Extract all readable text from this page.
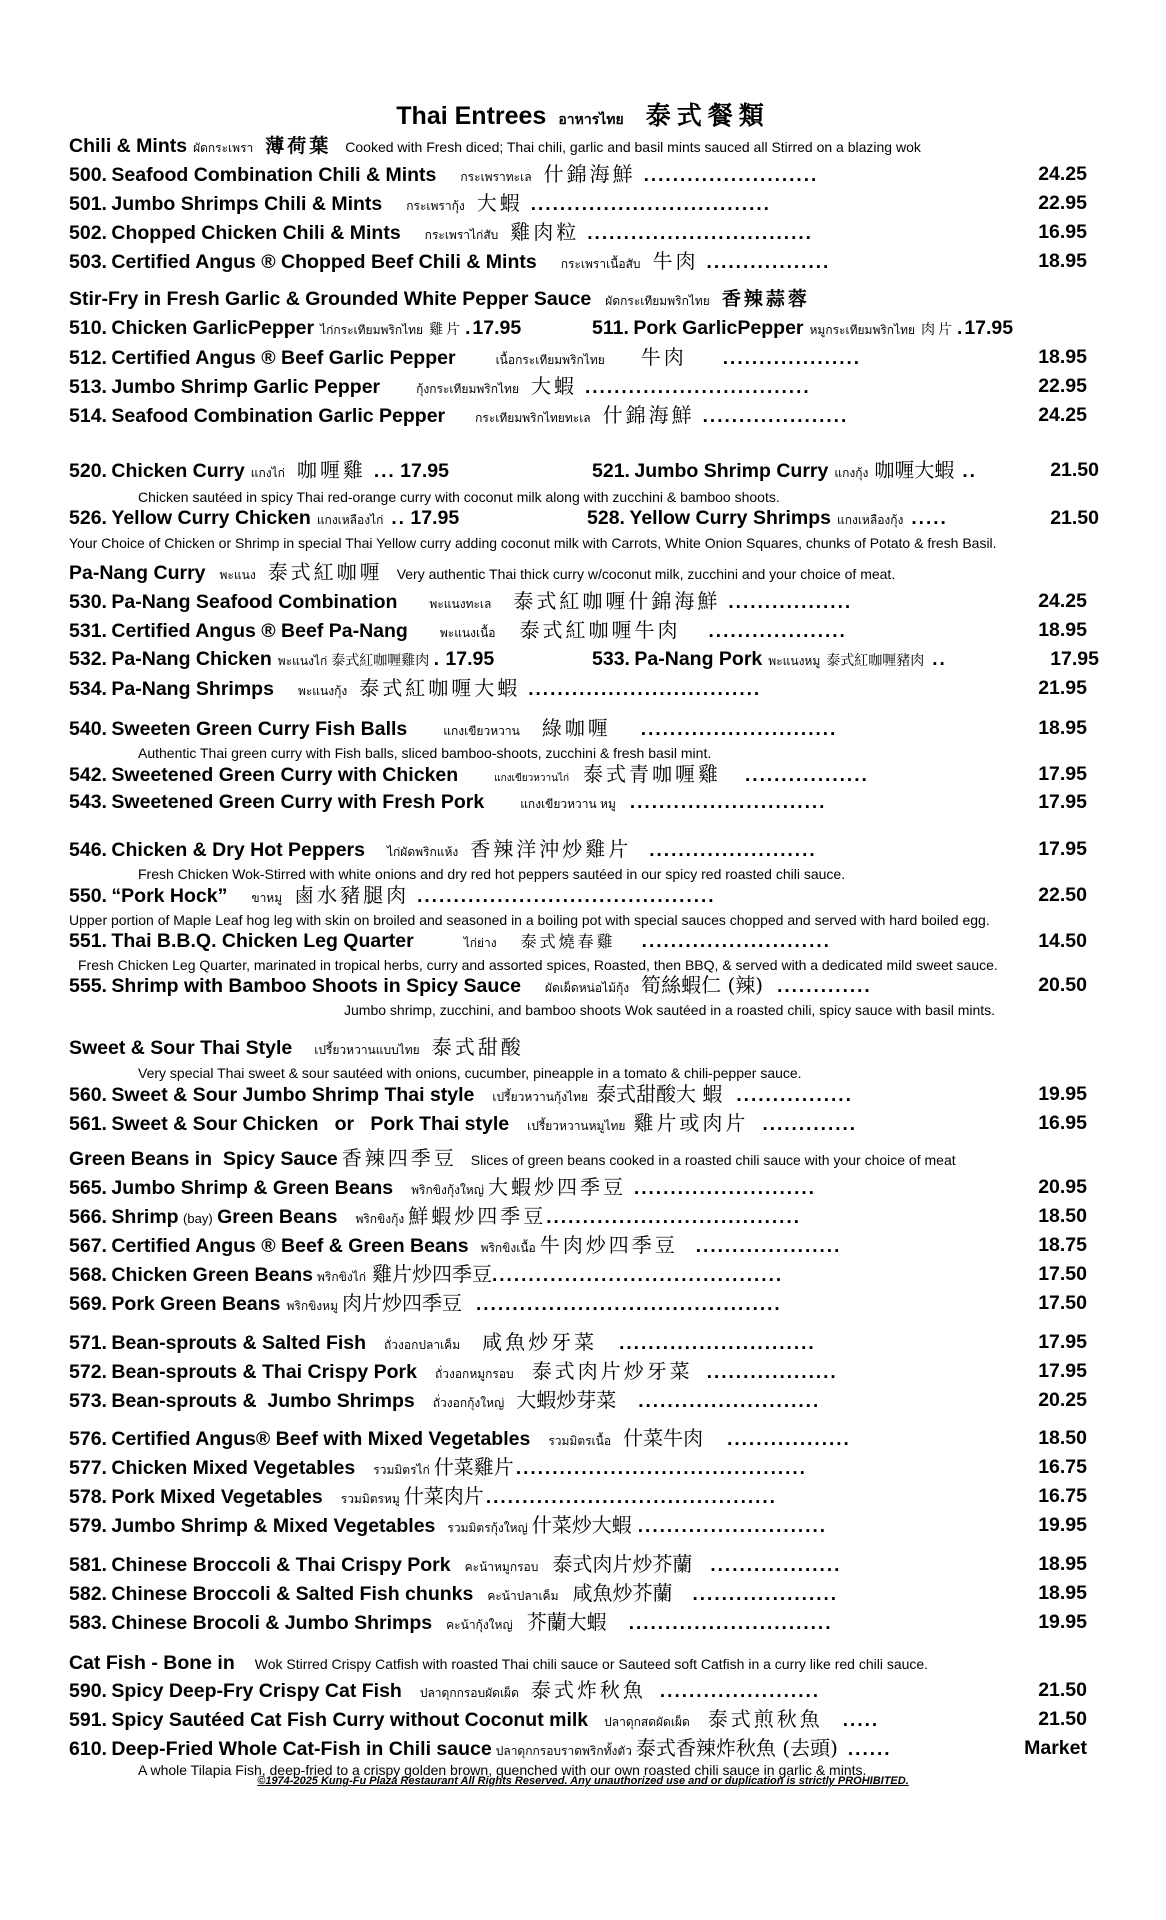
Thai Entrees อาหารไทย 泰式餐類
Chili & Mints ผัดกระเพรา 薄荷葉 Cooked with Fresh diced; Thai chili, garlic and basil mints sauced all Stirred on a blazing wok
500. Seafood Combination Chili & Mints กระเพราทะเล 什錦海鮮 ........................	24.25
501. Jumbo Shrimps Chili & Mints กระเพรากุ้ง 大蝦 .................................	22.95
502. Chopped Chicken Chili & Mints กระเพราไก่สับ 雞肉粒 ...............................	16.95
503. Certified Angus ® Chopped Beef Chili & Mints กระเพราเนื้อสับ 牛肉 .................	18.95
Stir-Fry in Fresh Garlic & Grounded White Pepper Sauce ผัดกระเทียมพริกไทย 香辣蒜蓉
510. Chicken GarlicPepper ไก่กระเทียมพริกไทย 雞片 .17.95	511. Pork GarlicPepper หมูกระเทียมพริกไทย 肉片 .17.95
512. Certified Angus ® Beef Garlic Pepper	เนื้อกระเทียมพริกไทย 牛肉 ...................	18.95
513. Jumbo Shrimp Garlic Pepper	กุ้งกระเทียมพริกไทย 大蝦 ...............................	22.95
514. Seafood Combination Garlic Pepper	กระเทียมพริกไทยทะเล 什錦海鮮 ....................	24.25
520. Chicken Curry แกงไก่ 咖喱雞 ... 17.95	521. Jumbo Shrimp Curry แกงกุ้ง 咖喱大蝦 ..	21.50
Chicken sautéed in spicy Thai red-orange curry with coconut milk along with zucchini & bamboo shoots.
526. Yellow Curry Chicken แกงเหลืองไก่ .. 17.95	528. Yellow Curry Shrimps แกงเหลืองกุ้ง .....	21.50
Your Choice of Chicken or Shrimp in special Thai Yellow curry adding coconut milk with Carrots, White Onion Squares, chunks of Potato & fresh Basil.
Pa-Nang Curry พะแนง 泰式紅咖喱 Very authentic Thai thick curry w/coconut milk, zucchini and your choice of meat.
530. Pa-Nang Seafood Combination	พะแนงทะเล 泰式紅咖喱什錦海鮮 .................	24.25
531. Certified Angus ® Beef Pa-Nang	พะแนงเนื้อ 泰式紅咖喱牛肉 ...................	18.95
532. Pa-Nang Chicken พะแนงไก่ 泰式紅咖喱雞肉 . 17.95	533. Pa-Nang Pork พะแนงหมู 泰式紅咖喱豬肉 ..	17.95
534. Pa-Nang Shrimps พะแนงกุ้ง 泰式紅咖喱大蝦 ................................	21.95
540. Sweeten Green Curry Fish Balls	แกงเขียวหวาน 綠咖喱 ...........................	18.95
Authentic Thai green curry with Fish balls, sliced bamboo-shoots, zucchini & fresh basil mint.
542. Sweetened Green Curry with Chicken	แกงเขียวหวานไก่ 泰式青咖喱雞 .................	17.95
543. Sweetened Green Curry with Fresh Pork	แกงเขียวหวาน หมู ...........................	17.95
546. Chicken & Dry Hot Peppers ไก่ผัดพริกแห้ง 香辣洋沖炒雞片 .......................	17.95
Fresh Chicken Wok-Stirred with white onions and dry red hot peppers sautéed in our spicy red roasted chili sauce.
550. “Pork Hock” ขาหมู 鹵水豬腿肉 .........................................	22.50
Upper portion of Maple Leaf hog leg with skin on broiled and seasoned in a boiling pot with special sauces chopped and served with hard boiled egg.
551. Thai B.B.Q. Chicken Leg Quarter	ไก่ย่าง 泰式燒春雞 ..........................	14.50
Fresh Chicken Leg Quarter, marinated in tropical herbs, curry and assorted spices, Roasted, then BBQ, & served with a dedicated mild sweet sauce.
555. Shrimp with Bamboo Shoots in Spicy Sauce ผัดเผ็ดหน่อไม้กุ้ง 筍絲蝦仁 (辣) .............	20.50
Jumbo shrimp, zucchini, and bamboo shoots Wok sautéed in a roasted chili, spicy sauce with basil mints.
Sweet & Sour Thai Style เปรี้ยวหวานแบบไทย 泰式甜酸
Very special Thai sweet & sour sautéed with onions, cucumber, pineapple in a tomato & chili-pepper sauce.
560. Sweet & Sour Jumbo Shrimp Thai style เปรี้ยวหวานกุ้งไทย 泰式甜酸大 蝦 ................	19.95
561. Sweet & Sour Chicken   or   Pork Thai style เปรี้ยวหวานหมูไทย 雞片或肉片 .............	16.95
Green Beans in  Spicy Sauce 香辣四季豆 Slices of green beans cooked in a roasted chili sauce with your choice of meat
565. Jumbo Shrimp & Green Beans พริกขิงกุ้งใหญ่ 大蝦炒四季豆 .........................	20.95
566. Shrimp (bay) Green Beans พริกขิงกุ้ง 鮮蝦炒四季豆...................................	18.50
567. Certified Angus ® Beef & Green Beans พริกขิงเนื้อ 牛肉炒四季豆 ....................	18.75
568. Chicken Green Beans พริกขิงไก่ 雞片炒四季豆........................................	17.50
569. Pork Green Beans พริกขิงหมู 肉片炒四季豆 ..........................................	17.50
571. Bean-sprouts & Salted Fish ถั่วงอกปลาเค็ม 咸魚炒牙菜 ...........................	17.95
572. Bean-sprouts & Thai Crispy Pork ถั่วงอกหมูกรอบ 泰式肉片炒牙菜 ..................	17.95
573. Bean-sprouts &  Jumbo Shrimps ถั่วงอกกุ้งใหญ่ 大蝦炒芽菜 .........................	20.25
576. Certified Angus® Beef with Mixed Vegetables รวมมิตรเนื้อ 什菜牛肉 .................	18.50
577. Chicken Mixed Vegetables รวมมิตรไก่ 什菜雞片 ........................................	16.75
578. Pork Mixed Vegetables รวมมิตรหมู 什菜肉片 ........................................	16.75
579. Jumbo Shrimp & Mixed Vegetables รวมมิตรกุ้งใหญ่ 什菜炒大蝦 ..........................	19.95
581. Chinese Broccoli & Thai Crispy Pork คะน้าหมูกรอบ 泰式肉片炒芥蘭 ..................	18.95
582. Chinese Broccoli & Salted Fish chunks คะน้าปลาเค็ม 咸魚炒芥蘭 ....................	18.95
583. Chinese Brocoli & Jumbo Shrimps คะน้ากุ้งใหญ่ 芥蘭大蝦 ............................	19.95
Cat Fish - Bone in Wok Stirred Crispy Catfish with roasted Thai chili sauce or Sauteed soft Catfish in a curry like red chili sauce.
590. Spicy Deep-Fry Crispy Cat Fish ปลาดุกกรอบผัดเผ็ด 泰式炸秋魚 ......................	21.50
591. Spicy Sautéed Cat Fish Curry without Coconut milk ปลาดุกสดผัดเผ็ด 泰式煎秋魚 .....	21.50
610. Deep-Fried Whole Cat-Fish in Chili sauce ปลาดุกกรอบราดพริกทั้งตัว 泰式香辣炸秋魚 (去頭) ......	Market
A whole Tilapia Fish, deep-fried to a crispy golden brown, quenched with our own roasted chili sauce in garlic & mints.
©1974-2025 Kung-Fu Plaza Restaurant All Rights Reserved. Any unauthorized use and or duplication is strictly PROHIBITED.
